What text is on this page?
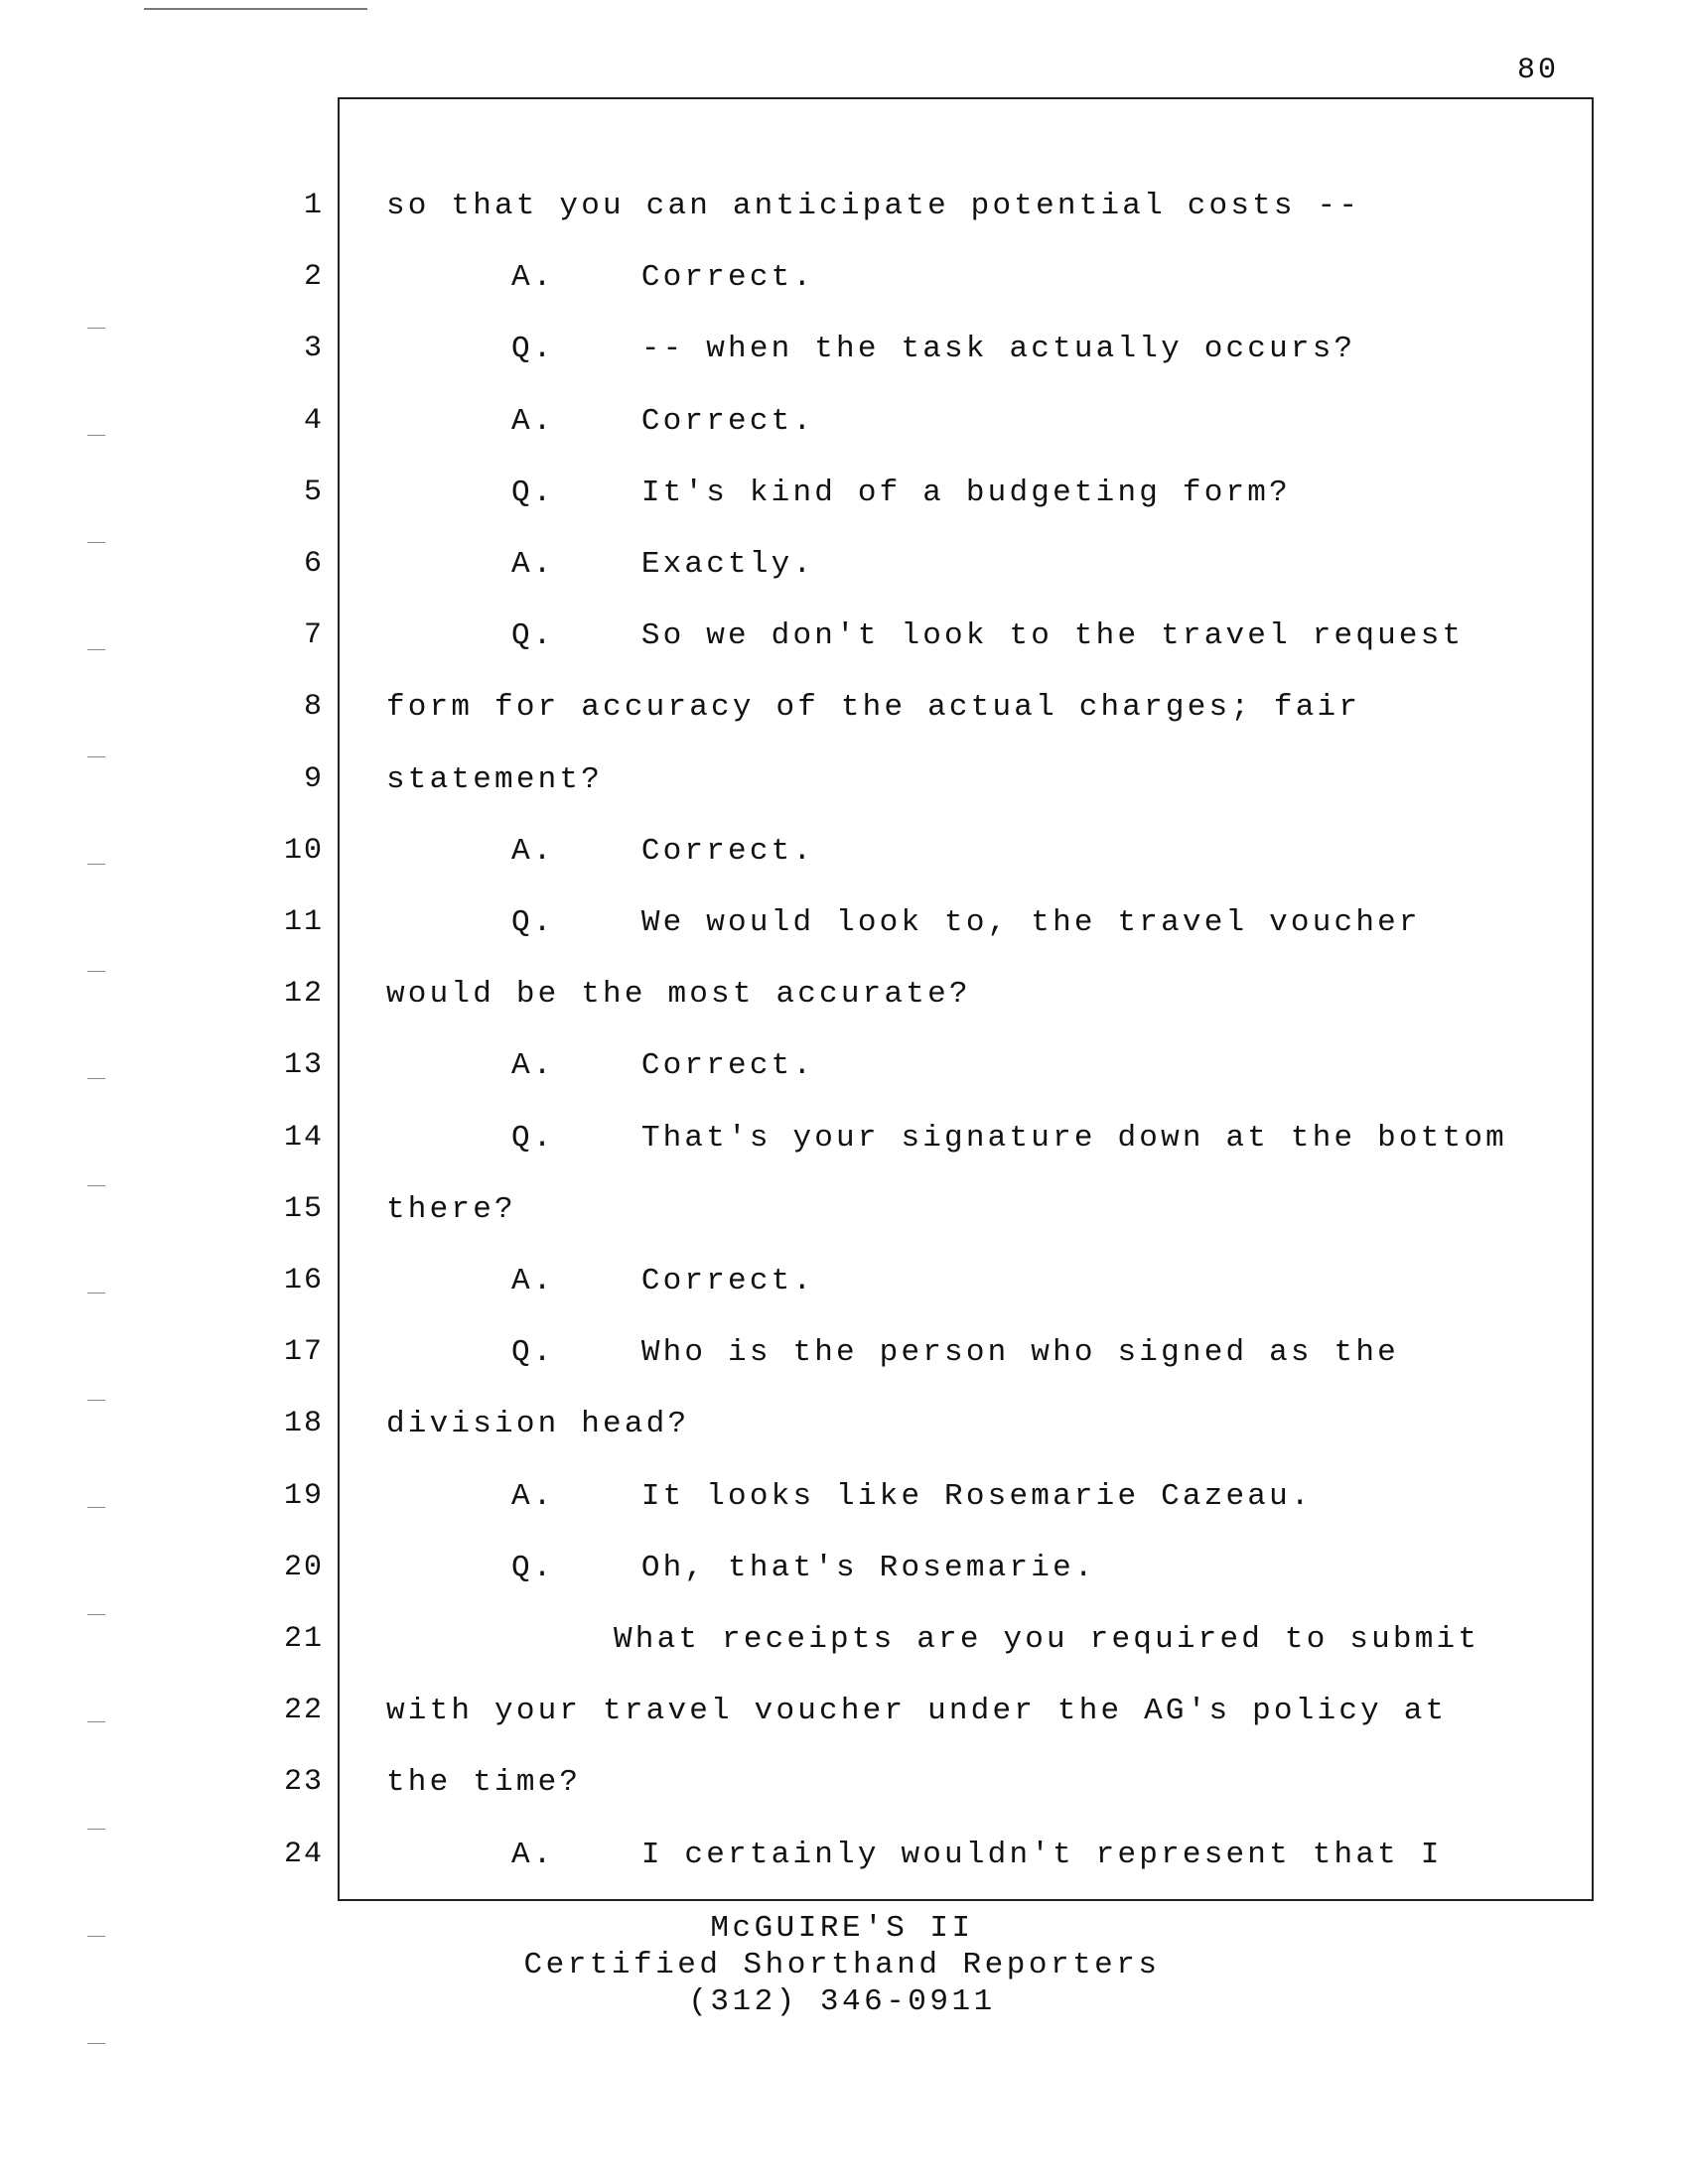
80
1 so that you can anticipate potential costs --
2	A.    Correct.
3	Q.    -- when the task actually occurs?
4	A.    Correct.
5	Q.    It's kind of a budgeting form?
6	A.    Exactly.
7	Q.    So we don't look to the travel request
8 form for accuracy of the actual charges; fair
9 statement?
10	A.    Correct.
11	Q.    We would look to, the travel voucher
12 would be the most accurate?
13	A.    Correct.
14	Q.    That's your signature down at the bottom
15 there?
16	A.    Correct.
17	Q.    Who is the person who signed as the
18 division head?
19	A.    It looks like Rosemarie Cazeau.
20	Q.    Oh, that's Rosemarie.
21	What receipts are you required to submit
22 with your travel voucher under the AG's policy at
23 the time?
24	A.    I certainly wouldn't represent that I
McGUIRE'S II
Certified Shorthand Reporters
(312) 346-0911
